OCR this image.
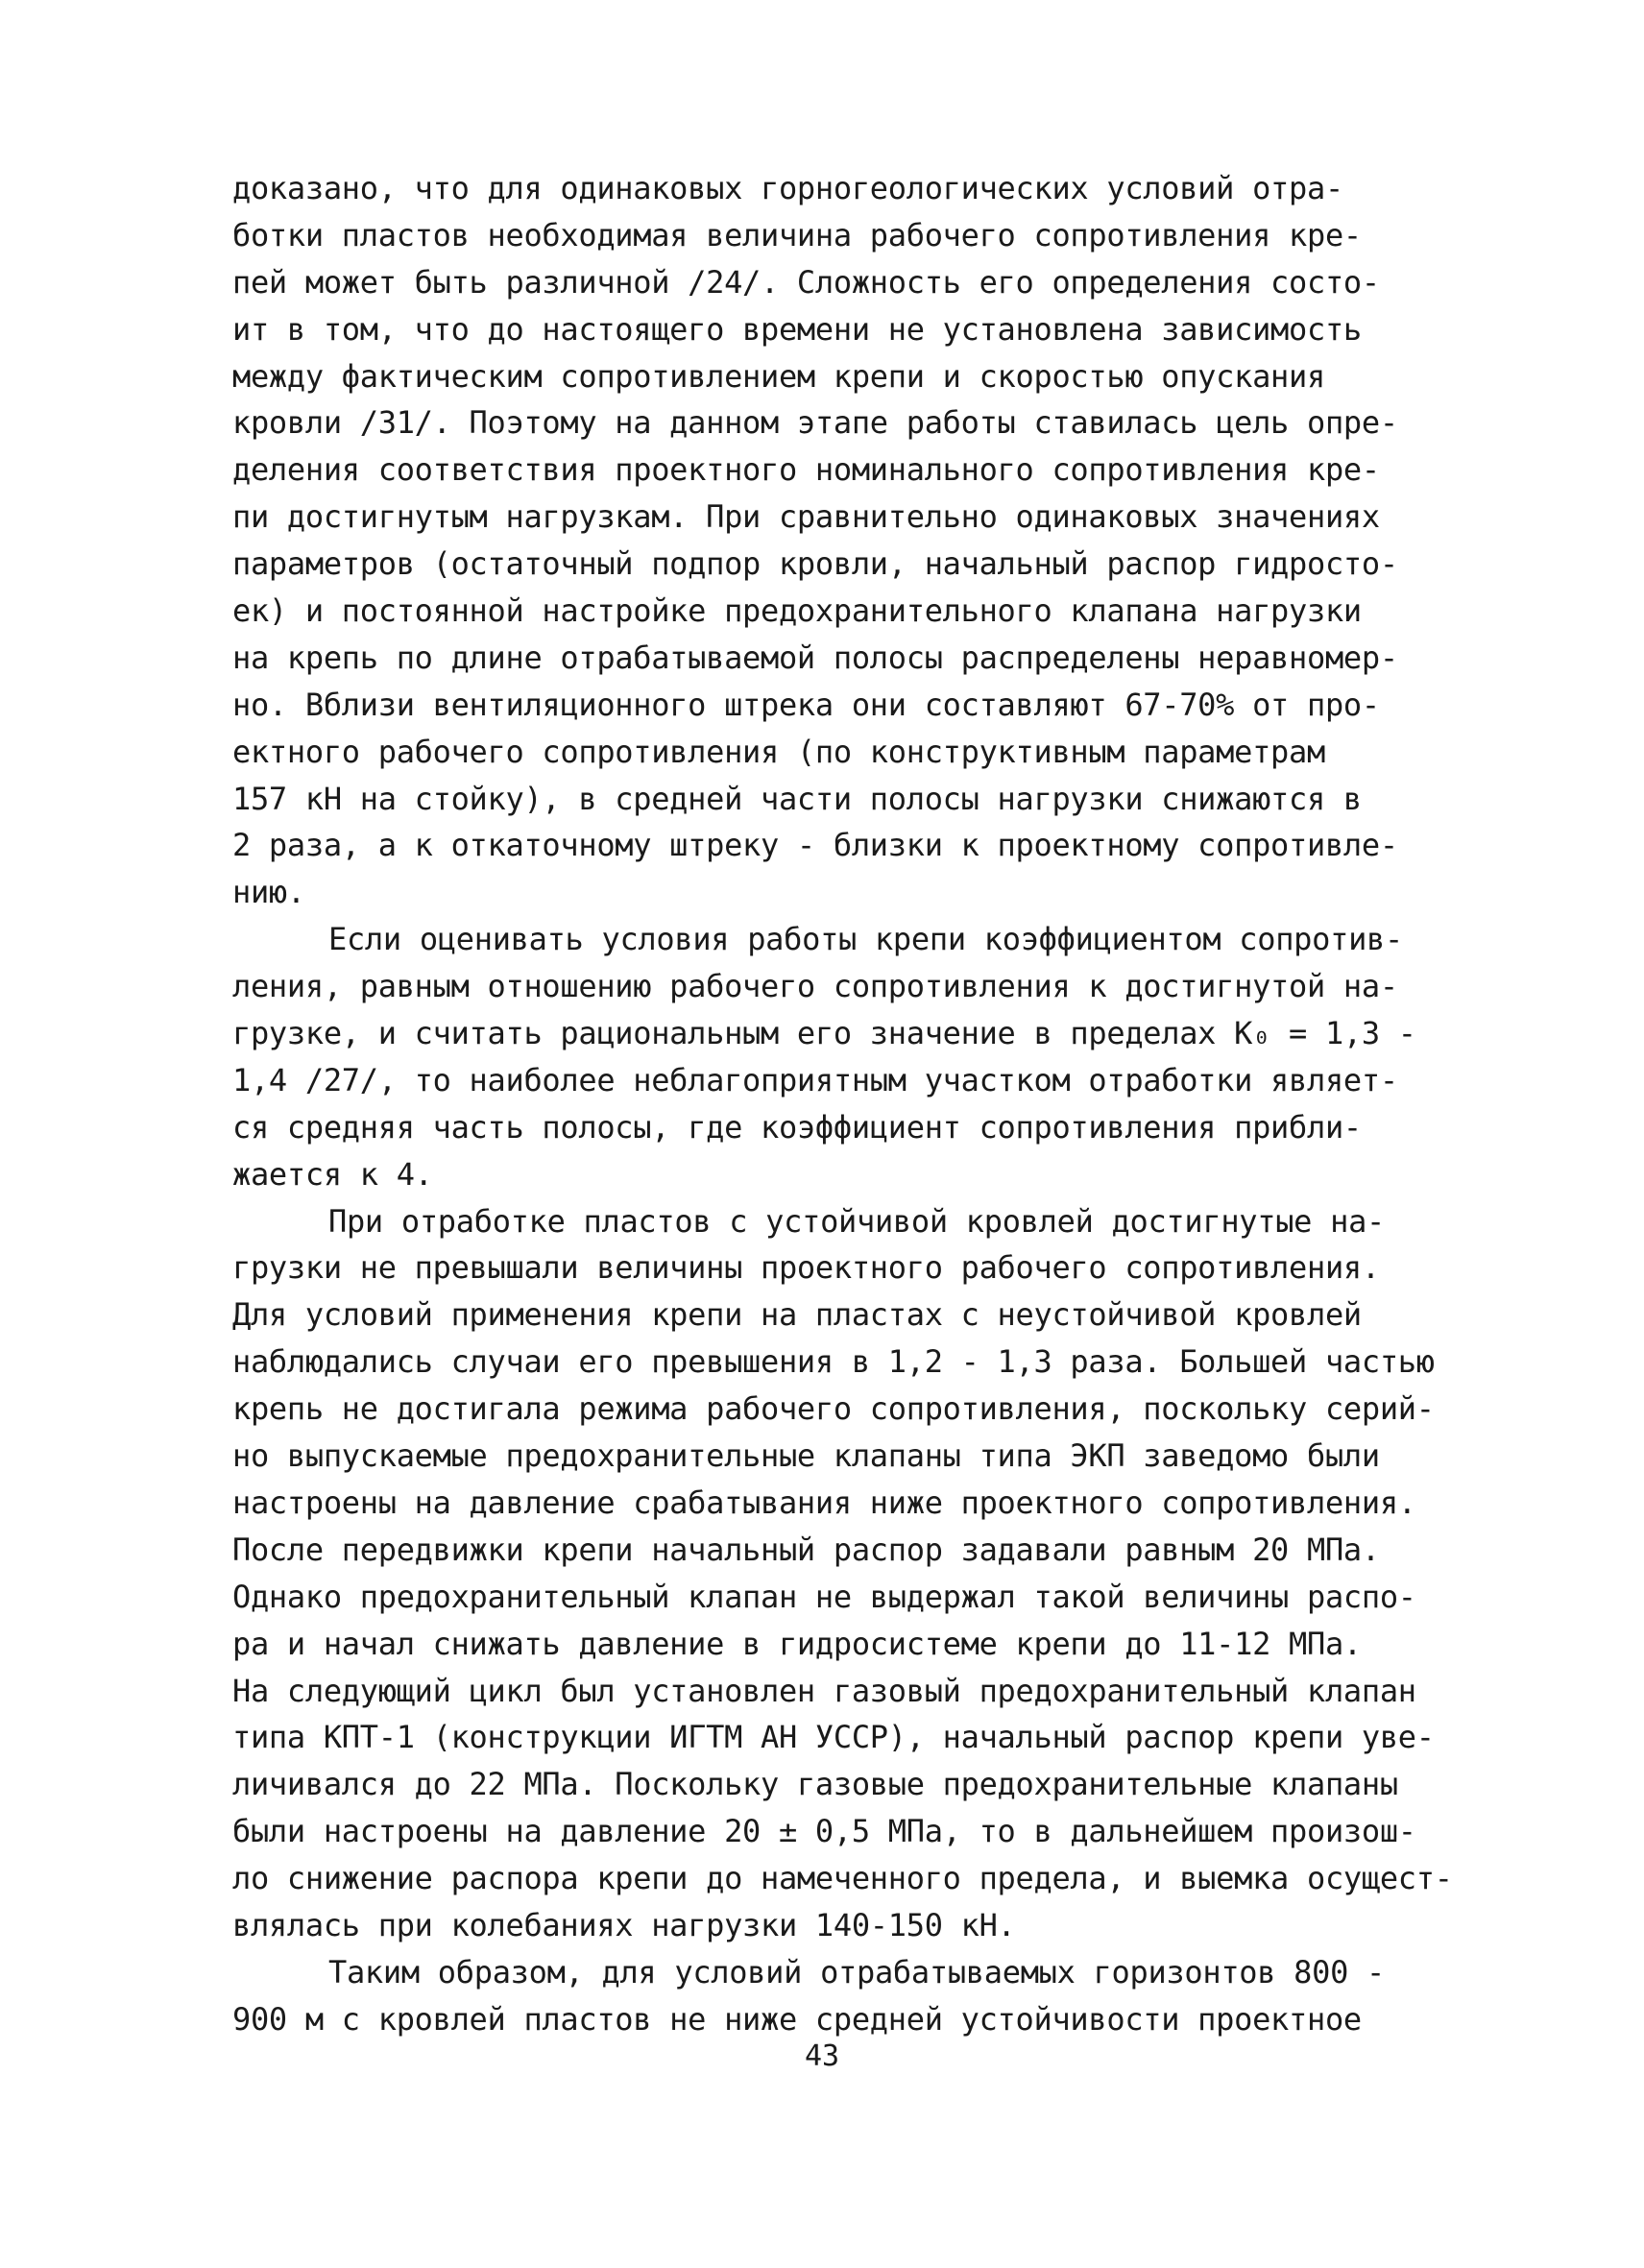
доказано, что для одинаковых горногеологических условий отра-
ботки пластов необходимая величина рабочего сопротивления кре-
пей может быть различной /24/. Сложность его определения состо-
ит в том, что до настоящего времени не установлена зависимость
между фактическим сопротивлением крепи и скоростью опускания
кровли /31/. Поэтому на данном этапе работы ставилась цель опре-
деления соответствия проектного номинального сопротивления кре-
пи достигнутым нагрузкам. При сравнительно одинаковых значениях
параметров (остаточный подпор кровли, начальный распор гидросто-
ек) и постоянной настройке предохранительного клапана нагрузки
на крепь по длине отрабатываемой полосы распределены неравномер-
но. Вблизи вентиляционного штрека они составляют 67-70% от про-
ектного рабочего сопротивления (по конструктивным параметрам
157 кН на стойку), в средней части полосы нагрузки снижаются в
2 раза, а к откаточному штреку - близки к проектному сопротивле-
нию.
Если оценивать условия работы крепи коэффициентом сопротив-
ления, равным отношению рабочего сопротивления к достигнутой на-
грузке, и считать рациональным его значение в пределах К₀ = 1,3 -
1,4 /27/, то наиболее неблагоприятным участком отработки являет-
ся средняя часть полосы, где коэффициент сопротивления прибли-
жается к 4.
При отработке пластов с устойчивой кровлей достигнутые на-
грузки не превышали величины проектного рабочего сопротивления.
Для условий применения крепи на пластах с неустойчивой кровлей
наблюдались случаи его превышения в 1,2 - 1,3 раза. Большей частью
крепь не достигала режима рабочего сопротивления, поскольку серий-
но выпускаемые предохранительные клапаны типа ЭКП заведомо были
настроены на давление срабатывания ниже проектного сопротивления.
После передвижки крепи начальный распор задавали равным 20 МПа.
Однако предохранительный клапан не выдержал такой величины распо-
ра и начал снижать давление в гидросистеме крепи до 11-12 МПа.
На следующий цикл был установлен газовый предохранительный клапан
типа КПТ-1 (конструкции ИГТМ АН УССР), начальный распор крепи уве-
личивался до 22 МПа. Поскольку газовые предохранительные клапаны
были настроены на давление 20 ± 0,5 МПа, то в дальнейшем произош-
ло снижение распора крепи до намеченного предела, и выемка осущест-
влялась при колебаниях нагрузки 140-150 кН.
Таким образом, для условий отрабатываемых горизонтов 800 -
900 м с кровлей пластов не ниже средней устойчивости проектное
43
